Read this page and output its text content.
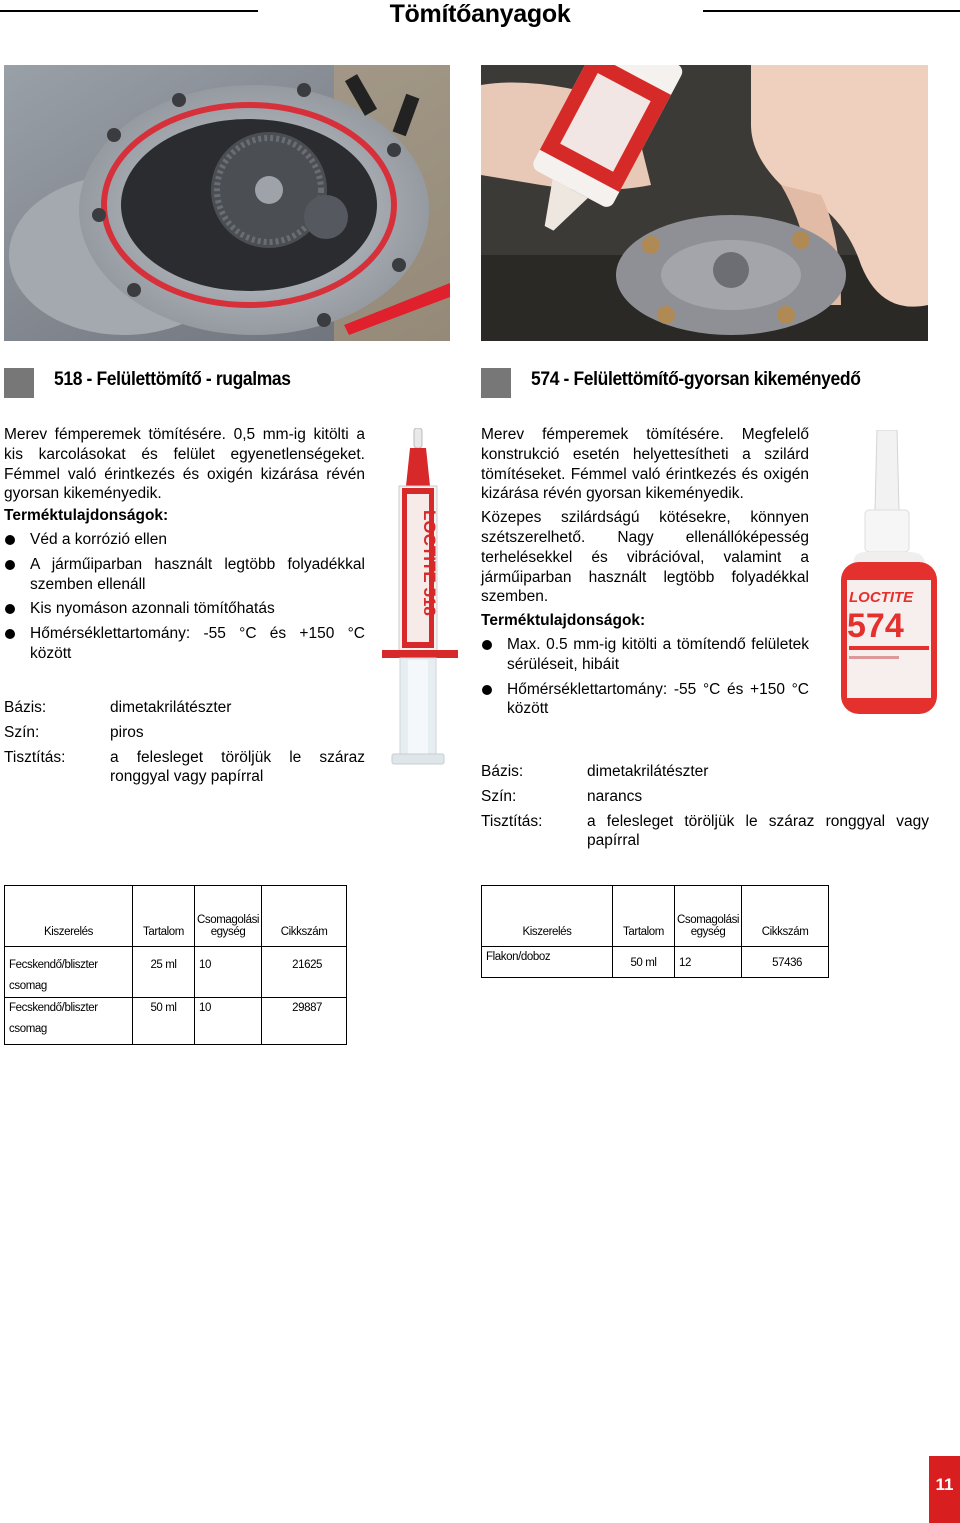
Tömítőanyagok
518 - Felülettömítő - rugalmas

Merev fémperemek tömítésére. 0,5 mm-ig kitölti a kis karcolásokat és felület egyenetlenségeket. Fémmel való érintkezés és oxigén kizárása révén gyorsan kikeményedik.

Terméktulajdonságok:

Véd a korrózió ellen
A járműiparban használt legtöbb folyadékkal szemben ellenáll
Kis nyomáson azonnali tömítőhatás
Hőmérséklettartomány: -55 °C és +150 °C között
Bázis:	dimetakrilátészter
Szín:	piros
Tisztítás:	a felesleget töröljük le száraz ronggyal vagy papírral
LOCTITE 518
574 - Felülettömítő-gyorsan kikeményedő

Merev fémperemek tömítésére. Megfelelő konstrukció esetén helyettesítheti a szilárd tömítéseket. Fémmel való érintkezés és oxigén kizárása révén gyorsan kikeményedik.

Közepes szilárdságú kötésekre, könnyen szétszerelhető. Nagy ellenállóképesség terhelésekkel és vibrációval, valamint a járműiparban használt legtöbb folyadékkal szemben.

Terméktulajdonságok:

Max. 0.5 mm-ig kitölti a tömítendő felületek sérüléseit, hibáit
Hőmérséklettartomány: -55 °C és +150 °C között
LOCTITE
574
Bázis:	dimetakrilátészter
Szín:	narancs
Tisztítás:	a felesleget töröljük le száraz ronggyal vagy papírral
Kiszerelés	Tartalom	Csomagolási egység	Cikkszám
Fecskendő/bliszter csomag	25 ml	10	21625
Fecskendő/bliszter csomag	50 ml	10	29887
Kiszerelés	Tartalom	Csomagolási egység	Cikkszám
Flakon/doboz	50 ml	12	57436
11
